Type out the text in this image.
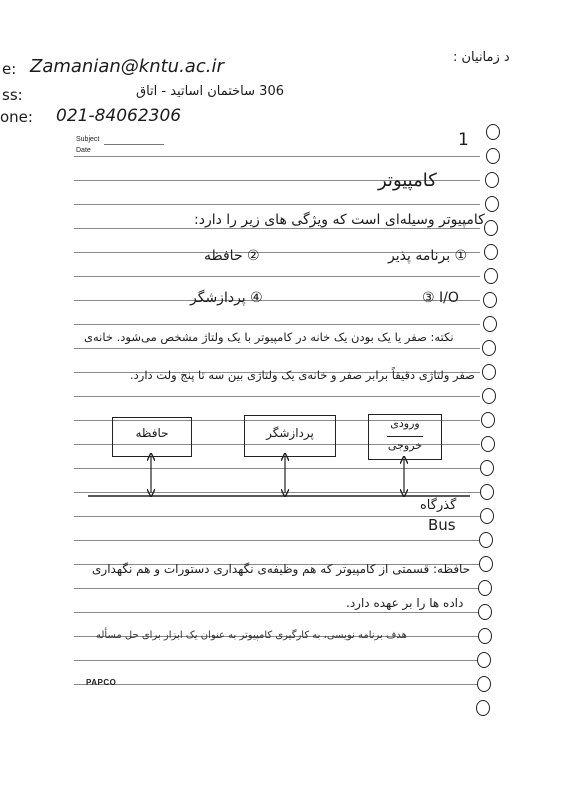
د زمانیان :
e: Zamanian@kntu.ac.ir
ss:	306 ساختمان اساتید - اتاق
one: 021-84062306
Subject
Date
1
کامپیوتر
کامپیوتر وسیله‌ای است که ویژگی های زیر را دارد:
① برنامه پذیر
② حافظه
③ I/O
④ پردازشگر
نکته: صفر یا یک بودن یک خانه در کامپیوتر با یک ولتاژ مشخص می‌شود. خانه‌ی
صفر ولتاژی دقیقاً برابر صفر و خانه‌ی یک ولتاژی بین سه تا پنج ولت دارد.
حافظه	پردازشگر
ورودی
خروجی
گذرگاه
Bus
حافظه: قسمتی از کامپیوتر که هم وظیفه‌ی نگهداری دستورات و هم نگهداری
داده ها را بر عهده دارد.
هدف برنامه نویسی، به کارگیری کامپیوتر به عنوان یک ابزار برای حل مسأله
PAPCO
